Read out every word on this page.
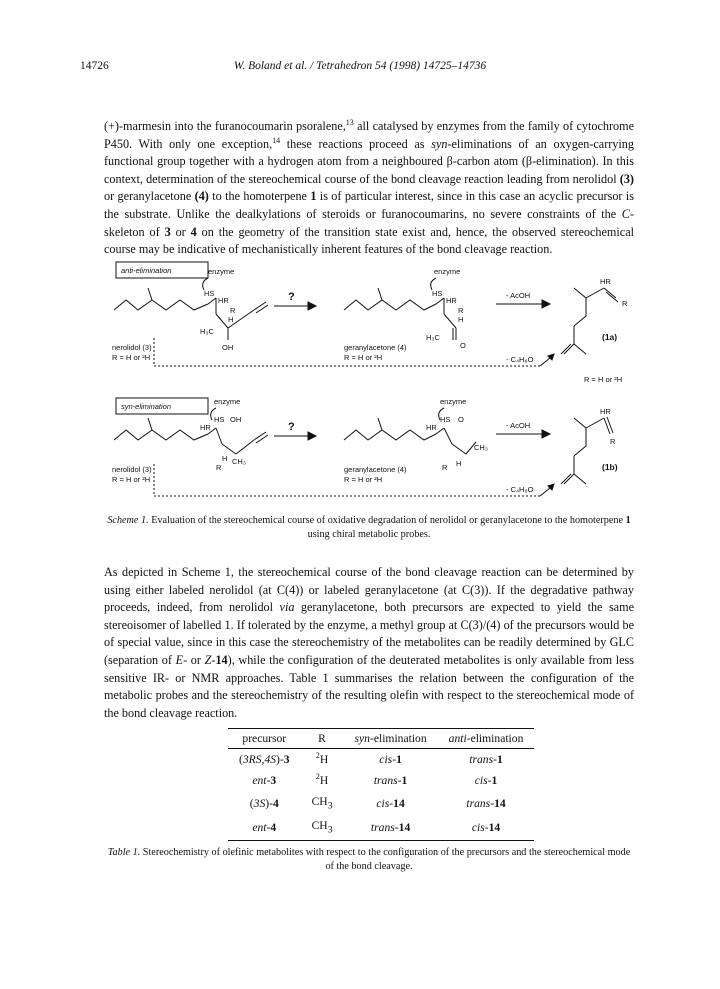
14726	W. Boland et al. / Tetrahedron 54 (1998) 14725–14736

(+)-marmesin into the furanocoumarin psoralene,$^{13}$ all catalysed by enzymes from the family of cytochrome P450. With only one exception,$^{14}$ these reactions proceed as syn-eliminations of an oxygen-carrying functional group together with a hydrogen atom from a neighboured β-carbon atom (β-elimination). In this context, determination of the stereochemical course of the bond cleavage reaction leading from nerolidol (3) or geranylacetone (4) to the homoterpene 1 is of particular interest, since in this case an acyclic precursor is the substrate. Unlike the dealkylations of steroids or furanocoumarins, no severe constraints of the C-skeleton of 3 or 4 on the geometry of the transition state exist and, hence, the observed stereochemical course may be indicative of mechanistically inherent features of the bond cleavage reaction.

anti-elimination
syn-elimination
enzyme	enzyme
enzyme	enzyme
HS
HR
R
H
H₃C
OH
HS
HR
R
H
H₃C
O
HR
R
HS
HR
OH
H CH₃
R
HS
HR
O
CH₃
H
R
HR
R
nerolidol (3)
R = H or ²H
geranylacetone (4)
R = H or ²H
R = H or ²H
nerolidol (3)
R = H or ²H
geranylacetone (4)
R = H or ²H
- AcOH
- AcOH
- C₄H₈O
- C₄H₈O
(1a)
(1b)
?
?
Scheme 1. Evaluation of the stereochemical course of oxidative degradation of nerolidol or geranylacetone to the homoterpene 1 using chiral metabolic probes.

As depicted in Scheme 1, the stereochemical course of the bond cleavage reaction can be determined by using either labeled nerolidol (at C(4)) or labeled geranylacetone (at C(3)). If the degradative pathway proceeds, indeed, from nerolidol via geranylacetone, both precursors are expected to yield the same stereoisomer of labelled 1. If tolerated by the enzyme, a methyl group at C(3)/(4) of the precursors would be of special value, since in this case the stereochemistry of the metabolites can be readily determined by GLC (separation of E- or Z-14), while the configuration of the deuterated metabolites is only available from less sensitive IR- or NMR approaches. Table 1 summarises the relation between the configuration of the metabolic probes and the stereochemistry of the resulting olefin with respect to the stereochemical mode of the bond cleavage reaction.

precursor	R	syn-elimination	anti-elimination
(3RS,4S)-3	$^2$H	cis-1	trans-1
ent-3	$^2$H	trans-1	cis-1
(3S)-4	$CH_3$	cis-14	trans-14
ent-4	$CH_3$	trans-14	cis-14
Table 1. Stereochemistry of olefinic metabolites with respect to the configuration of the precursors and the stereochemical mode of the bond cleavage.
